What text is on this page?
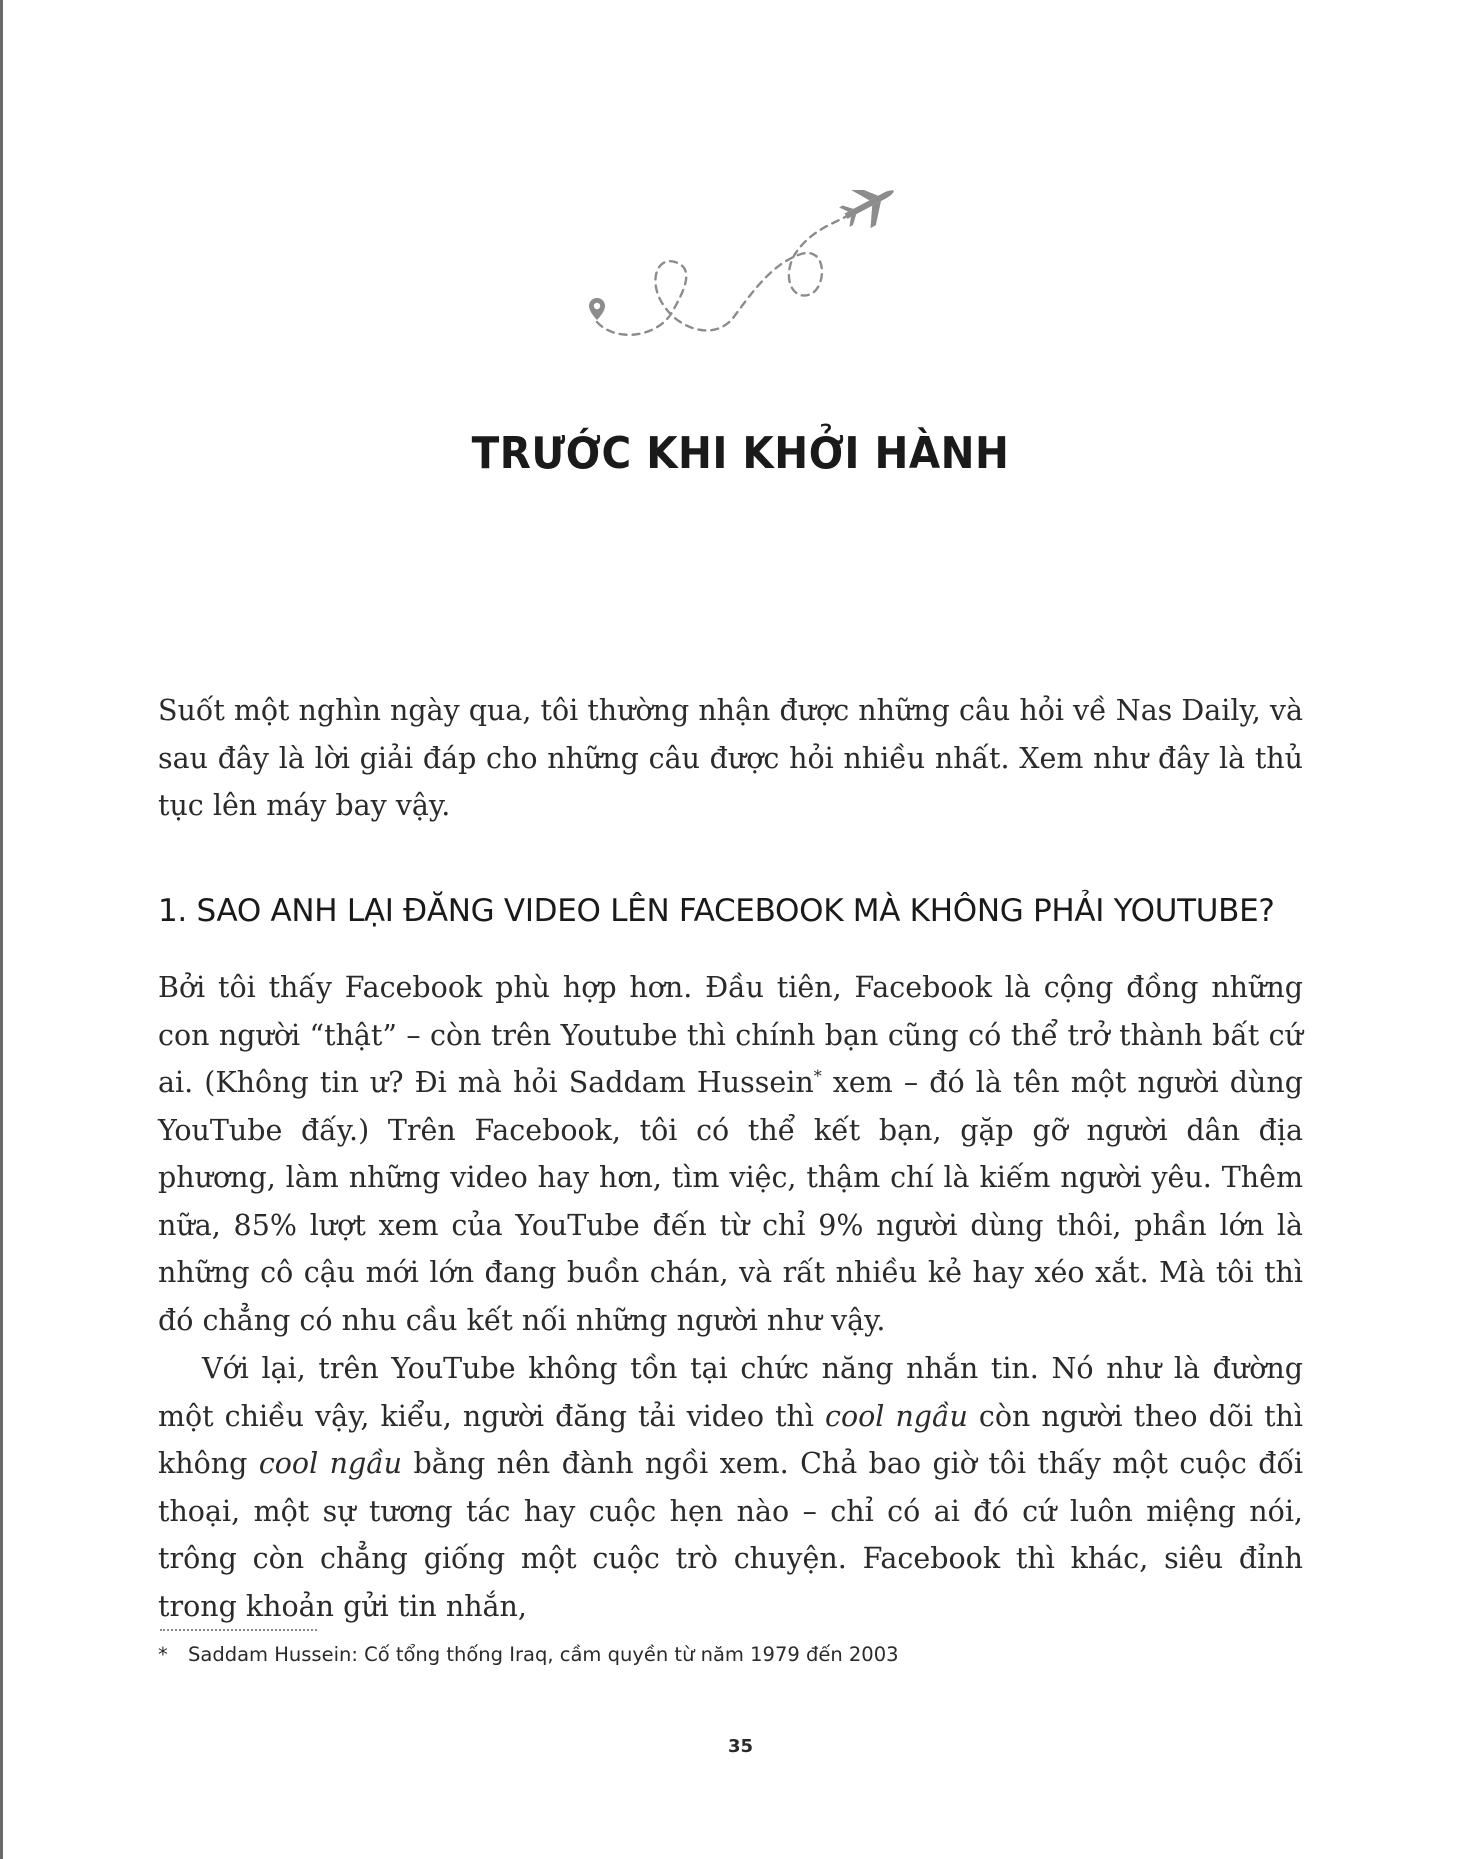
TRƯỚC KHI KHỞI HÀNH

Suốt một nghìn ngày qua, tôi thường nhận được những câu hỏi về Nas Daily, và sau đây là lời giải đáp cho những câu được hỏi nhiều nhất. Xem như đây là thủ tục lên máy bay vậy.

1. SAO ANH LẠI ĐĂNG VIDEO LÊN FACEBOOK MÀ KHÔNG PHẢI YOUTUBE?

Bởi tôi thấy Facebook phù hợp hơn. Đầu tiên, Facebook là cộng đồng những con người “thật” – còn trên Youtube thì chính bạn cũng có thể trở thành bất cứ ai. (Không tin ư? Đi mà hỏi Saddam Hussein* xem – đó là tên một người dùng YouTube đấy.) Trên Facebook, tôi có thể kết bạn, gặp gỡ người dân địa phương, làm những video hay hơn, tìm việc, thậm chí là kiếm người yêu. Thêm nữa, 85% lượt xem của YouTube đến từ chỉ 9% người dùng thôi, phần lớn là những cô cậu mới lớn đang buồn chán, và rất nhiều kẻ hay xéo xắt. Mà tôi thì đó chẳng có nhu cầu kết nối những người như vậy.

Với lại, trên YouTube không tồn tại chức năng nhắn tin. Nó như là đường một chiều vậy, kiểu, người đăng tải video thì cool ngầu còn người theo dõi thì không cool ngầu bằng nên đành ngồi xem. Chả bao giờ tôi thấy một cuộc đối thoại, một sự tương tác hay cuộc hẹn nào – chỉ có ai đó cứ luôn miệng nói, trông còn chẳng giống một cuộc trò chuyện. Facebook thì khác, siêu đỉnh trong khoản gửi tin nhắn,

* Saddam Hussein: Cố tổng thống Iraq, cầm quyền từ năm 1979 đến 2003

35
